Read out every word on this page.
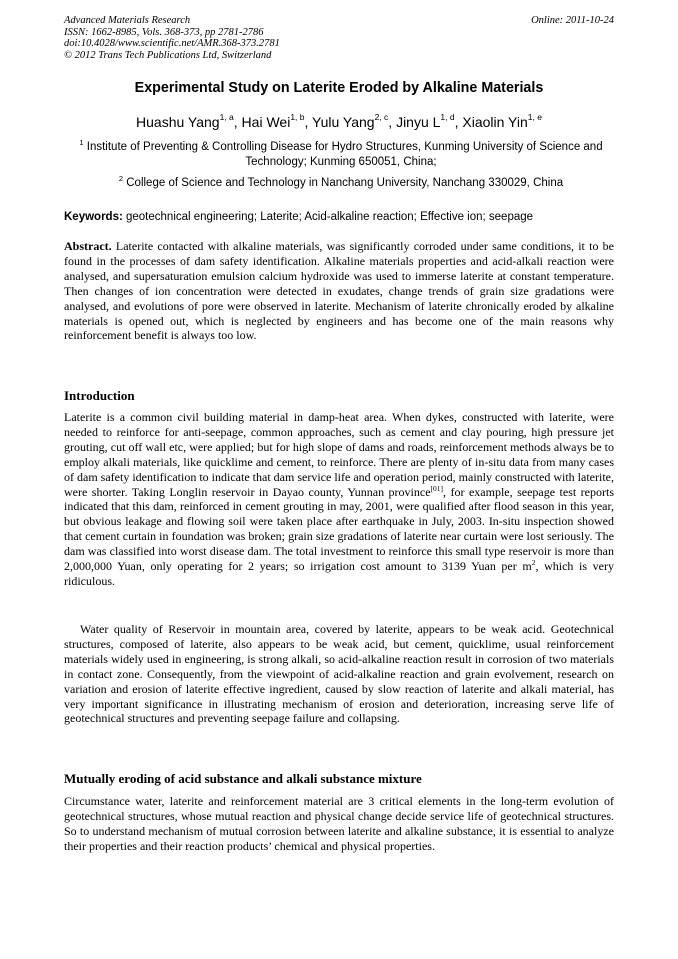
Advanced Materials Research	Online: 2011-10-24
ISSN: 1662-8985, Vols. 368-373, pp 2781-2786
doi:10.4028/www.scientific.net/AMR.368-373.2781
© 2012 Trans Tech Publications Ltd, Switzerland
Experimental Study on Laterite Eroded by Alkaline Materials
Huashu Yang$^{1, a}$, Hai Wei$^{1, b}$, Yulu Yang$^{2, c}$, Jinyu L$^{1, d}$, Xiaolin Yin$^{1, e}$
$^1$ Institute of Preventing & Controlling Disease for Hydro Structures, Kunming University of Science and Technology; Kunming 650051, China;
$^2$ College of Science and Technology in Nanchang University, Nanchang 330029, China
Keywords: geotechnical engineering; Laterite; Acid-alkaline reaction; Effective ion; seepage
Abstract. Laterite contacted with alkaline materials, was significantly corroded under same conditions, it to be found in the processes of dam safety identification. Alkaline materials properties and acid-alkali reaction were analysed, and supersaturation emulsion calcium hydroxide was used to immerse laterite at constant temperature. Then changes of ion concentration were detected in exudates, change trends of grain size gradations were analysed, and evolutions of pore were observed in laterite. Mechanism of laterite chronically eroded by alkaline materials is opened out, which is neglected by engineers and has become one of the main reasons why reinforcement benefit is always too low.
Introduction
Laterite is a common civil building material in damp-heat area. When dykes, constructed with laterite, were needed to reinforce for anti-seepage, common approaches, such as cement and clay pouring, high pressure jet grouting, cut off wall etc, were applied; but for high slope of dams and roads, reinforcement methods always be to employ alkali materials, like quicklime and cement, to reinforce. There are plenty of in-situ data from many cases of dam safety identification to indicate that dam service life and operation period, mainly constructed with laterite, were shorter. Taking Longlin reservoir in Dayao county, Yunnan province[01], for example, seepage test reports indicated that this dam, reinforced in cement grouting in may, 2001, were qualified after flood season in this year, but obvious leakage and flowing soil were taken place after earthquake in July, 2003. In-situ inspection showed that cement curtain in foundation was broken; grain size gradations of laterite near curtain were lost seriously. The dam was classified into worst disease dam. The total investment to reinforce this small type reservoir is more than 2,000,000 Yuan, only operating for 2 years; so irrigation cost amount to 3139 Yuan per $m^2$, which is very ridiculous.
Water quality of Reservoir in mountain area, covered by laterite, appears to be weak acid. Geotechnical structures, composed of laterite, also appears to be weak acid, but cement, quicklime, usual reinforcement materials widely used in engineering, is strong alkali, so acid-alkaline reaction result in corrosion of two materials in contact zone. Consequently, from the viewpoint of acid-alkaline reaction and grain evolvement, research on variation and erosion of laterite effective ingredient, caused by slow reaction of laterite and alkali material, has very important significance in illustrating mechanism of erosion and deterioration, increasing serve life of geotechnical structures and preventing seepage failure and collapsing.
Mutually eroding of acid substance and alkali substance mixture
Circumstance water, laterite and reinforcement material are 3 critical elements in the long-term evolution of geotechnical structures, whose mutual reaction and physical change decide service life of geotechnical structures. So to understand mechanism of mutual corrosion between laterite and alkaline substance, it is essential to analyze their properties and their reaction products’ chemical and physical properties.
